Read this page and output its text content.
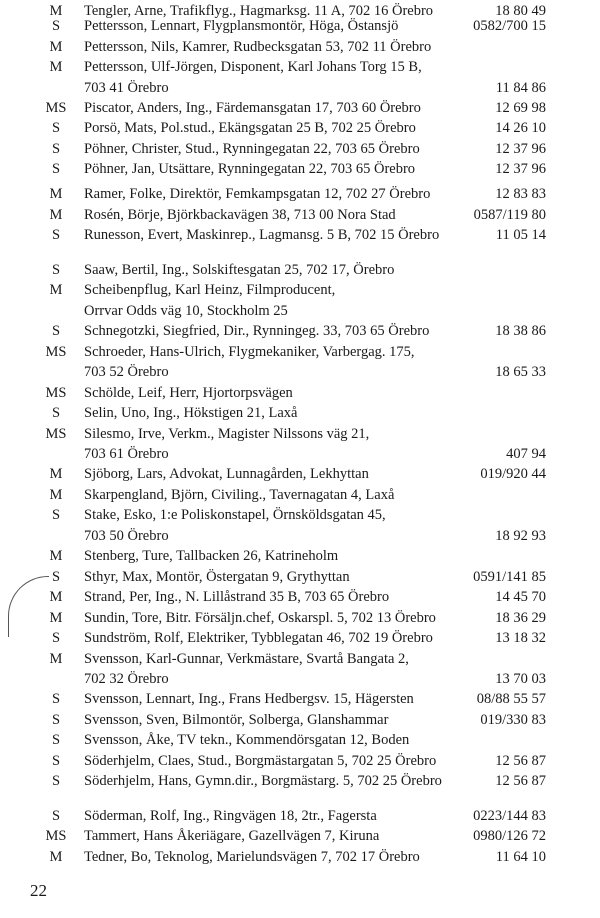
S	Pettersson, Lennart, Flygplansmontör, Höga, Östansjö	0582/700 15
M	Pettersson, Nils, Kamrer, Rudbecksgatan 53, 702 11 Örebro
M	Pettersson, Ulf-Jörgen, Disponent, Karl Johans Torg 15 B,
703 41 Örebro	11 84 86
MS	Piscator, Anders, Ing., Färdemansgatan 17, 703 60 Örebro	12 69 98
S	Porsö, Mats, Pol.stud., Ekängsgatan 25 B, 702 25 Örebro	14 26 10
S	Pöhner, Christer, Stud., Rynningegatan 22, 703 65 Örebro	12 37 96
S	Pöhner, Jan, Utsättare, Rynningegatan 22, 703 65 Örebro	12 37 96
M	Ramer, Folke, Direktör, Femkampsgatan 12, 702 27 Örebro	12 83 83
M	Rosén, Börje, Björkbackavägen 38, 713 00 Nora Stad	0587/119 80
S	Runesson, Evert, Maskinrep., Lagmansg. 5 B, 702 15 Örebro	11 05 14
S	Saaw, Bertil, Ing., Solskiftesgatan 25, 702 17, Örebro
M	Scheibenpflug, Karl Heinz, Filmproducent,
Orrvar Odds väg 10, Stockholm 25
S	Schnegotzki, Siegfried, Dir., Rynningeg. 33, 703 65 Örebro	18 38 86
MS	Schroeder, Hans-Ulrich, Flygmekaniker, Varbergag. 175,
703 52 Örebro	18 65 33
MS	Schölde, Leif, Herr, Hjortorpsvägen
S	Selin, Uno, Ing., Hökstigen 21, Laxå
MS	Silesmo, Irve, Verkm., Magister Nilssons väg 21,
703 61 Örebro	407 94
M	Sjöborg, Lars, Advokat, Lunnagården, Lekhyttan	019/920 44
M	Skarpengland, Björn, Civiling., Tavernagatan 4, Laxå
S	Stake, Esko, 1:e Poliskonstapel, Örnsköldsgatan 45,
703 50 Örebro	18 92 93
M	Stenberg, Ture, Tallbacken 26, Katrineholm
S	Sthyr, Max, Montör, Östergatan 9, Grythyttan	0591/141 85
M	Strand, Per, Ing., N. Lillåstrand 35 B, 703 65 Örebro	14 45 70
M	Sundin, Tore, Bitr. Försäljn.chef, Oskarspl. 5, 702 13 Örebro	18 36 29
S	Sundström, Rolf, Elektriker, Tybblegatan 46, 702 19 Örebro	13 18 32
M	Svensson, Karl-Gunnar, Verkmästare, Svartå Bangata 2,
702 32 Örebro	13 70 03
S	Svensson, Lennart, Ing., Frans Hedbergsv. 15, Hägersten	08/88 55 57
S	Svensson, Sven, Bilmontör, Solberga, Glanshammar	019/330 83
S	Svensson, Åke, TV tekn., Kommendörsgatan 12, Boden
S	Söderhjelm, Claes, Stud., Borgmästargatan 5, 702 25 Örebro	12 56 87
S	Söderhjelm, Hans, Gymn.dir., Borgmästarg. 5, 702 25 Örebro	12 56 87
S	Söderman, Rolf, Ing., Ringvägen 18, 2tr., Fagersta	0223/144 83
MS	Tammert, Hans Åkeriägare, Gazellvägen 7, Kiruna	0980/126 72
M	Tedner, Bo, Teknolog, Marielundsvägen 7, 702 17 Örebro	11 64 10
M	Tengler, Arne, Trafikflyg., Hagmarksg. 11 A, 702 16 Örebro	18 80 49
22
